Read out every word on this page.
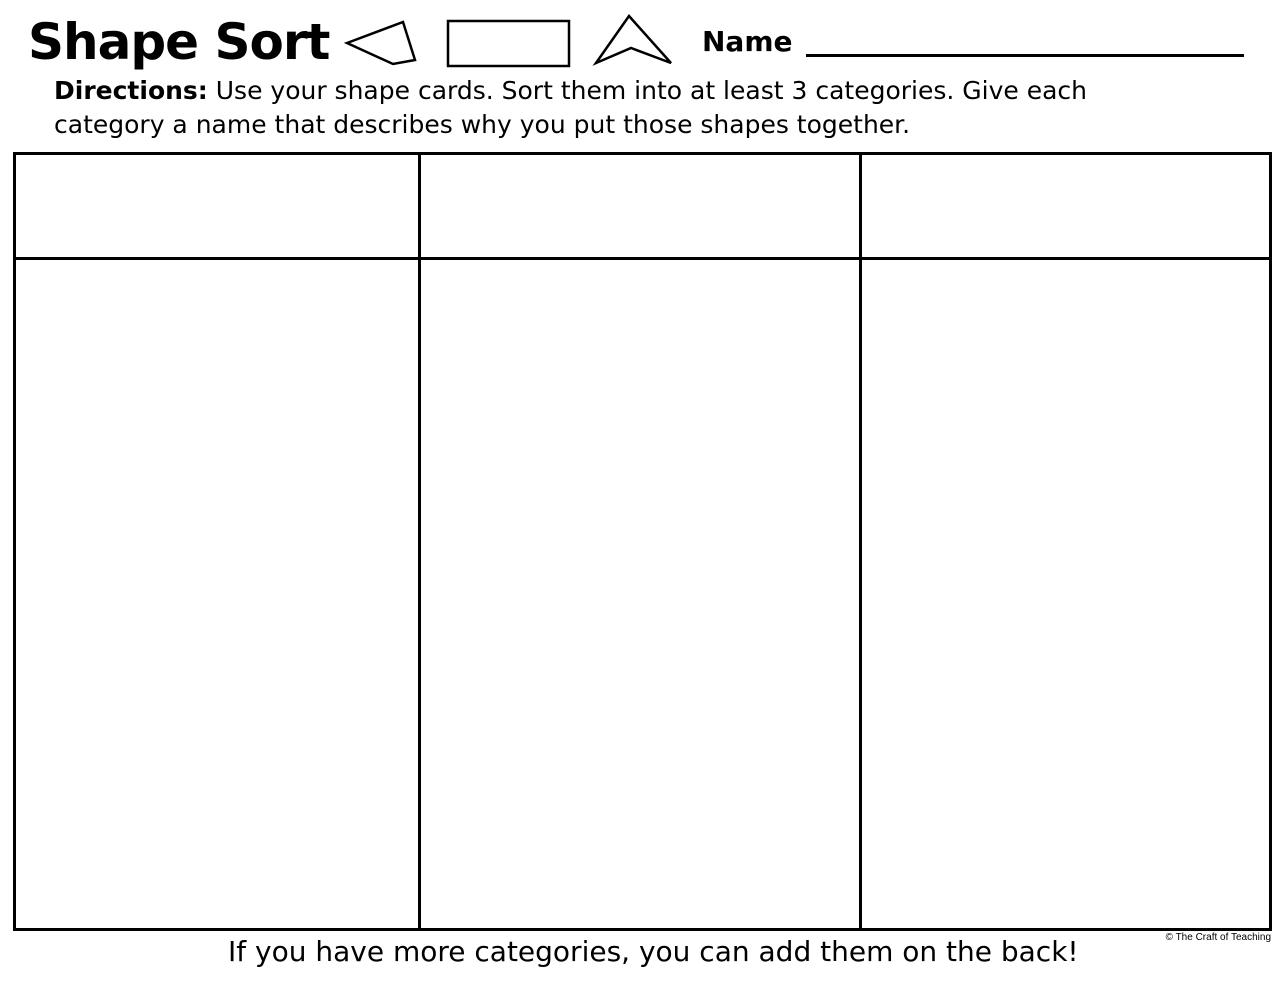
Shape Sort	Name
Directions: Use your shape cards. Sort them into at least 3 categories. Give each
category a name that describes why you put those shapes together.
If you have more categories, you can add them on the back!	© The Craft of Teaching
